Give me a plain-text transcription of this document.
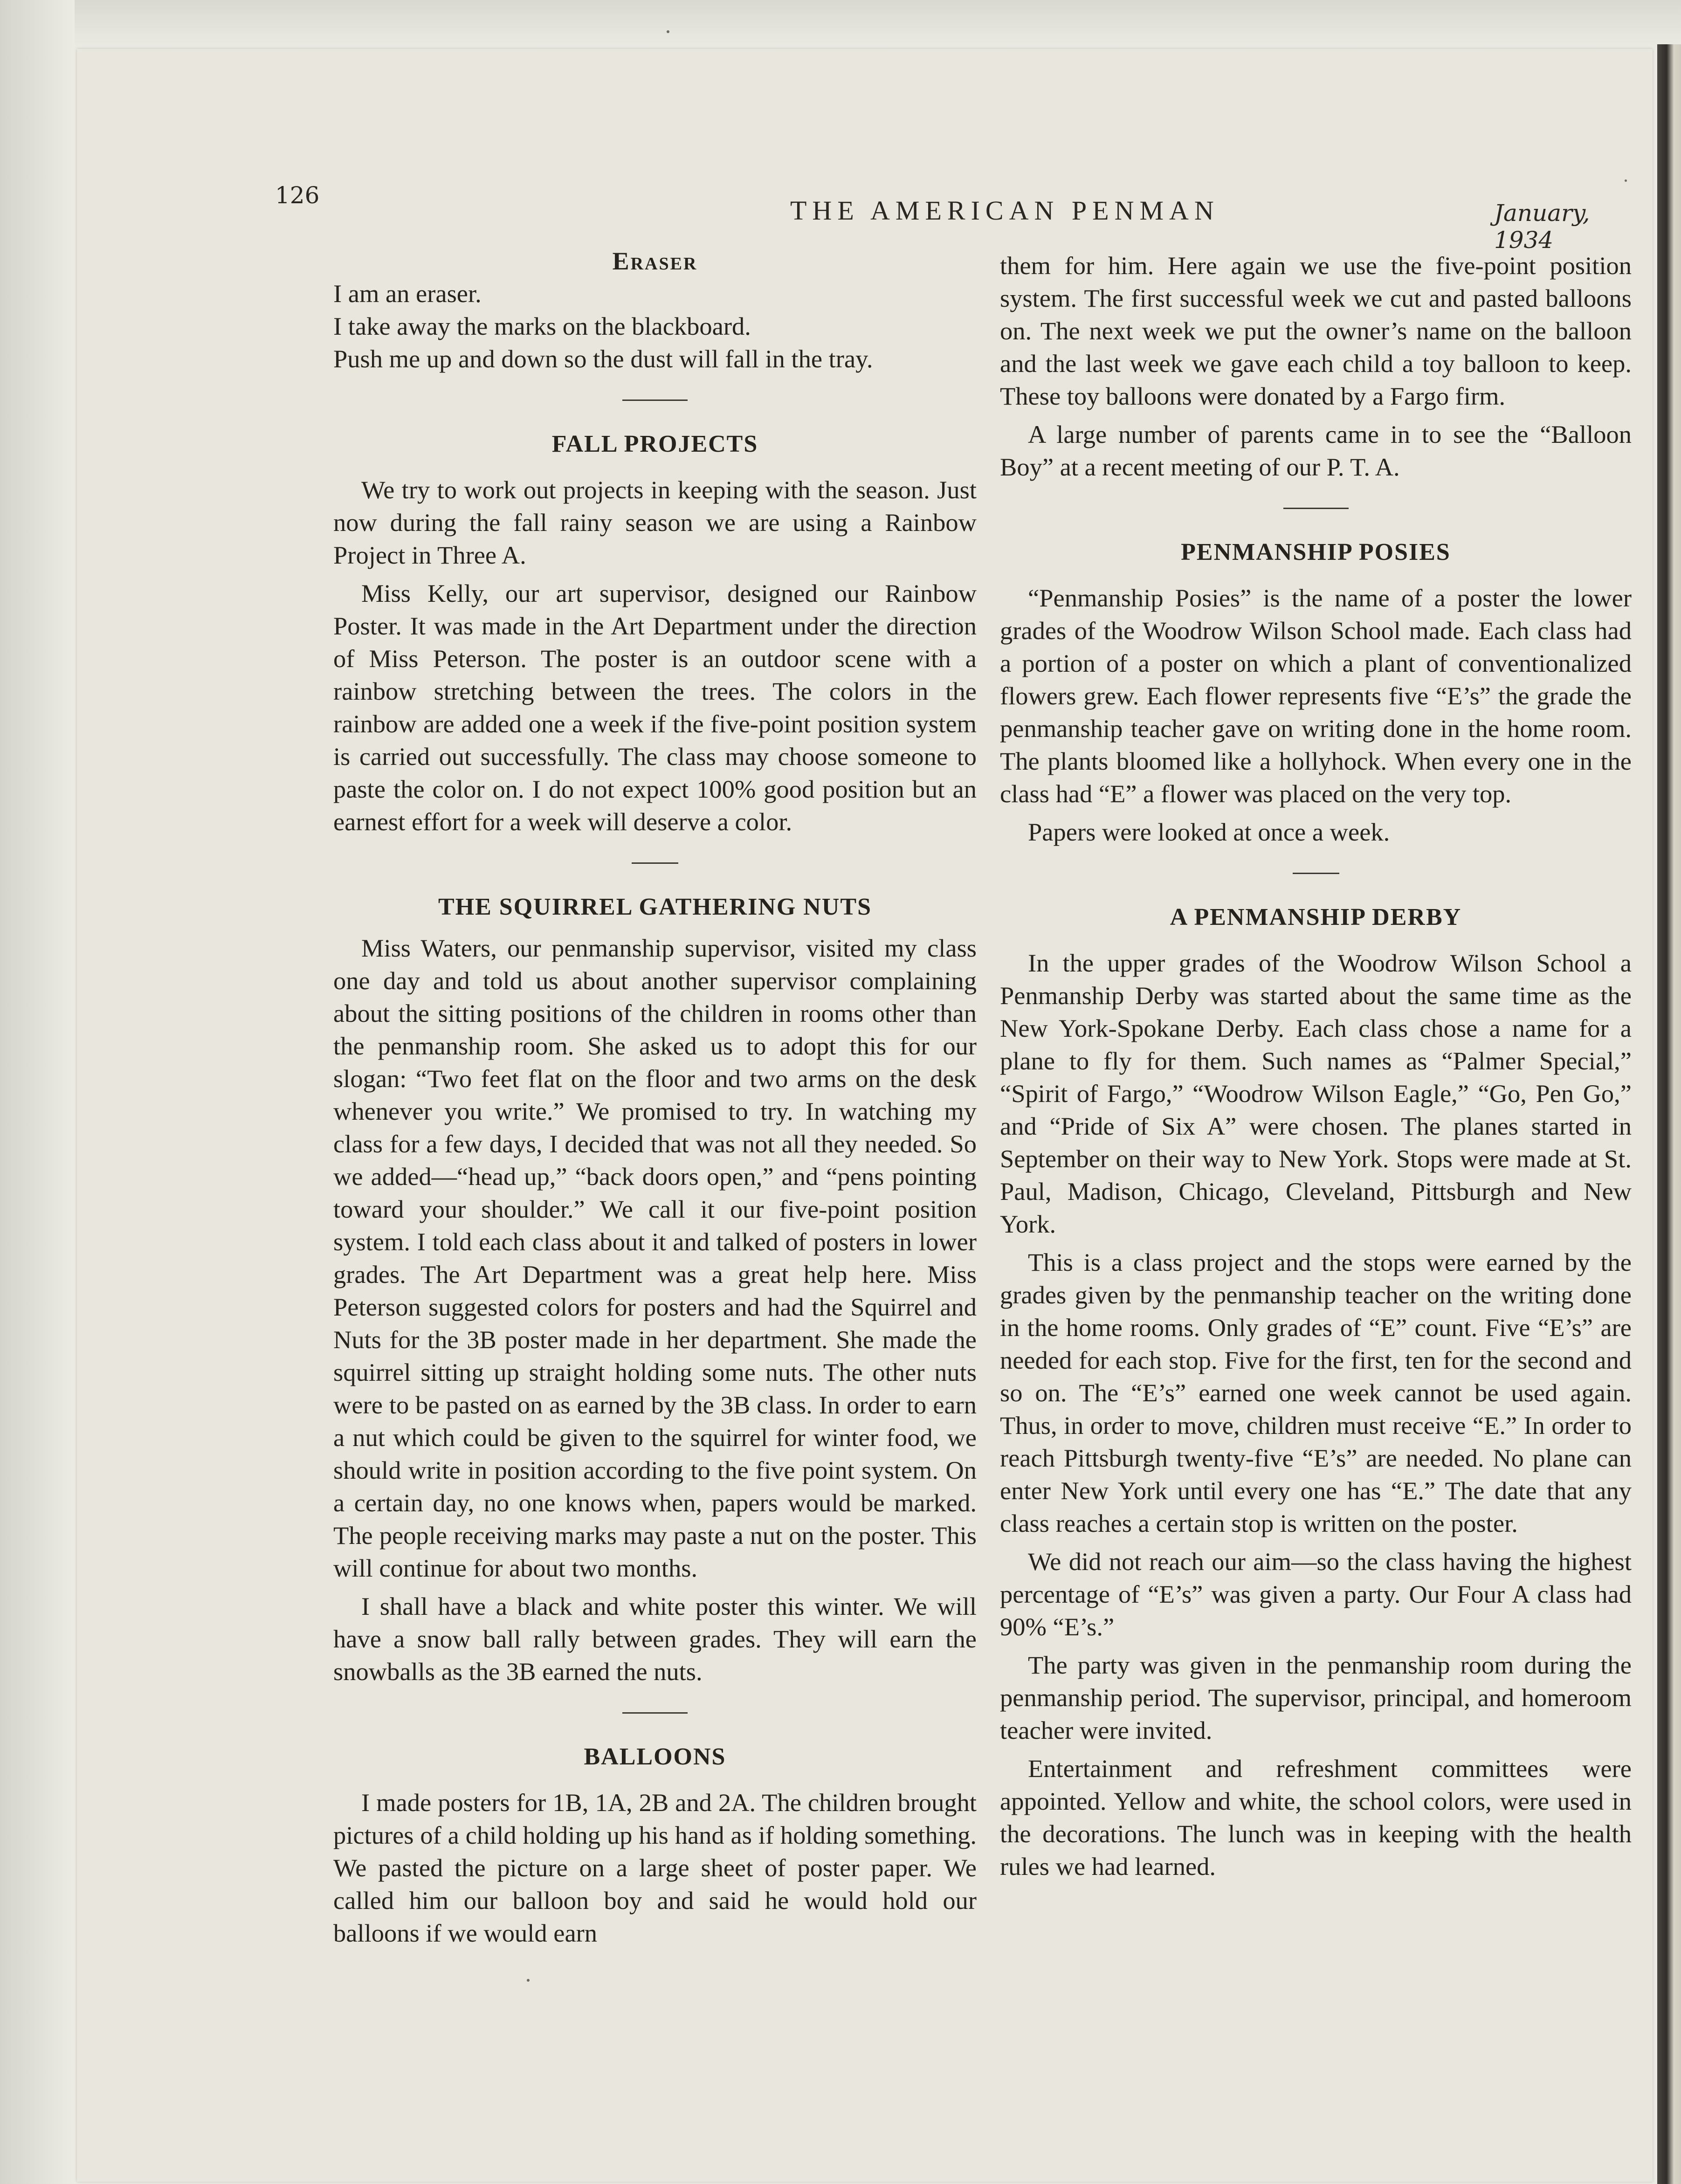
126	THE AMERICAN PENMAN	January, 1934
Eraser

I am an eraser.

I take away the marks on the blackboard.

Push me up and down so the dust will fall in the tray.

FALL PROJECTS

We try to work out projects in keeping with the season. Just now during the fall rainy season we are using a Rainbow Project in Three A.

Miss Kelly, our art supervisor, designed our Rainbow Poster. It was made in the Art Department under the direction of Miss Peterson. The poster is an outdoor scene with a rainbow stretching between the trees. The colors in the rainbow are added one a week if the five-point position system is carried out successfully. The class may choose someone to paste the color on. I do not expect 100% good position but an earnest effort for a week will deserve a color.

THE SQUIRREL GATHERING NUTS

Miss Waters, our penmanship supervisor, visited my class one day and told us about another supervisor complaining about the sitting positions of the children in rooms other than the penmanship room. She asked us to adopt this for our slogan: “Two feet flat on the floor and two arms on the desk whenever you write.” We promised to try. In watching my class for a few days, I decided that was not all they needed. So we added—“head up,” “back doors open,” and “pens pointing toward your shoulder.” We call it our five-point position system. I told each class about it and talked of posters in lower grades. The Art Department was a great help here. Miss Peterson suggested colors for posters and had the Squirrel and Nuts for the 3B poster made in her department. She made the squirrel sitting up straight holding some nuts. The other nuts were to be pasted on as earned by the 3B class. In order to earn a nut which could be given to the squirrel for winter food, we should write in position according to the five point system. On a certain day, no one knows when, papers would be marked. The people receiving marks may paste a nut on the poster. This will continue for about two months.

I shall have a black and white poster this winter. We will have a snow ball rally between grades. They will earn the snowballs as the 3B earned the nuts.

BALLOONS

I made posters for 1B, 1A, 2B and 2A. The children brought pictures of a child holding up his hand as if holding something. We pasted the picture on a large sheet of poster paper. We called him our balloon boy and said he would hold our balloons if we would earn

them for him. Here again we use the five-point position system. The first successful week we cut and pasted balloons on. The next week we put the owner’s name on the balloon and the last week we gave each child a toy balloon to keep. These toy balloons were donated by a Fargo firm.

A large number of parents came in to see the “Balloon Boy” at a recent meeting of our P. T. A.

PENMANSHIP POSIES

“Penmanship Posies” is the name of a poster the lower grades of the Woodrow Wilson School made. Each class had a portion of a poster on which a plant of conventionalized flowers grew. Each flower represents five “E’s” the grade the penmanship teacher gave on writing done in the home room. The plants bloomed like a hollyhock. When every one in the class had “E” a flower was placed on the very top.

Papers were looked at once a week.

A PENMANSHIP DERBY

In the upper grades of the Woodrow Wilson School a Penmanship Derby was started about the same time as the New York-Spokane Derby. Each class chose a name for a plane to fly for them. Such names as “Palmer Special,” “Spirit of Fargo,” “Woodrow Wilson Eagle,” “Go, Pen Go,” and “Pride of Six A” were chosen. The planes started in September on their way to New York. Stops were made at St. Paul, Madison, Chicago, Cleveland, Pittsburgh and New York.

This is a class project and the stops were earned by the grades given by the penmanship teacher on the writing done in the home rooms. Only grades of “E” count. Five “E’s” are needed for each stop. Five for the first, ten for the second and so on. The “E’s” earned one week cannot be used again. Thus, in order to move, children must receive “E.” In order to reach Pittsburgh twenty-five “E’s” are needed. No plane can enter New York until every one has “E.” The date that any class reaches a certain stop is written on the poster.

We did not reach our aim—so the class having the highest percentage of “E’s” was given a party. Our Four A class had 90% “E’s.”

The party was given in the penmanship room during the penmanship period. The supervisor, principal, and homeroom teacher were invited.

Entertainment and refreshment committees were appointed. Yellow and white, the school colors, were used in the decorations. The lunch was in keeping with the health rules we had learned.
